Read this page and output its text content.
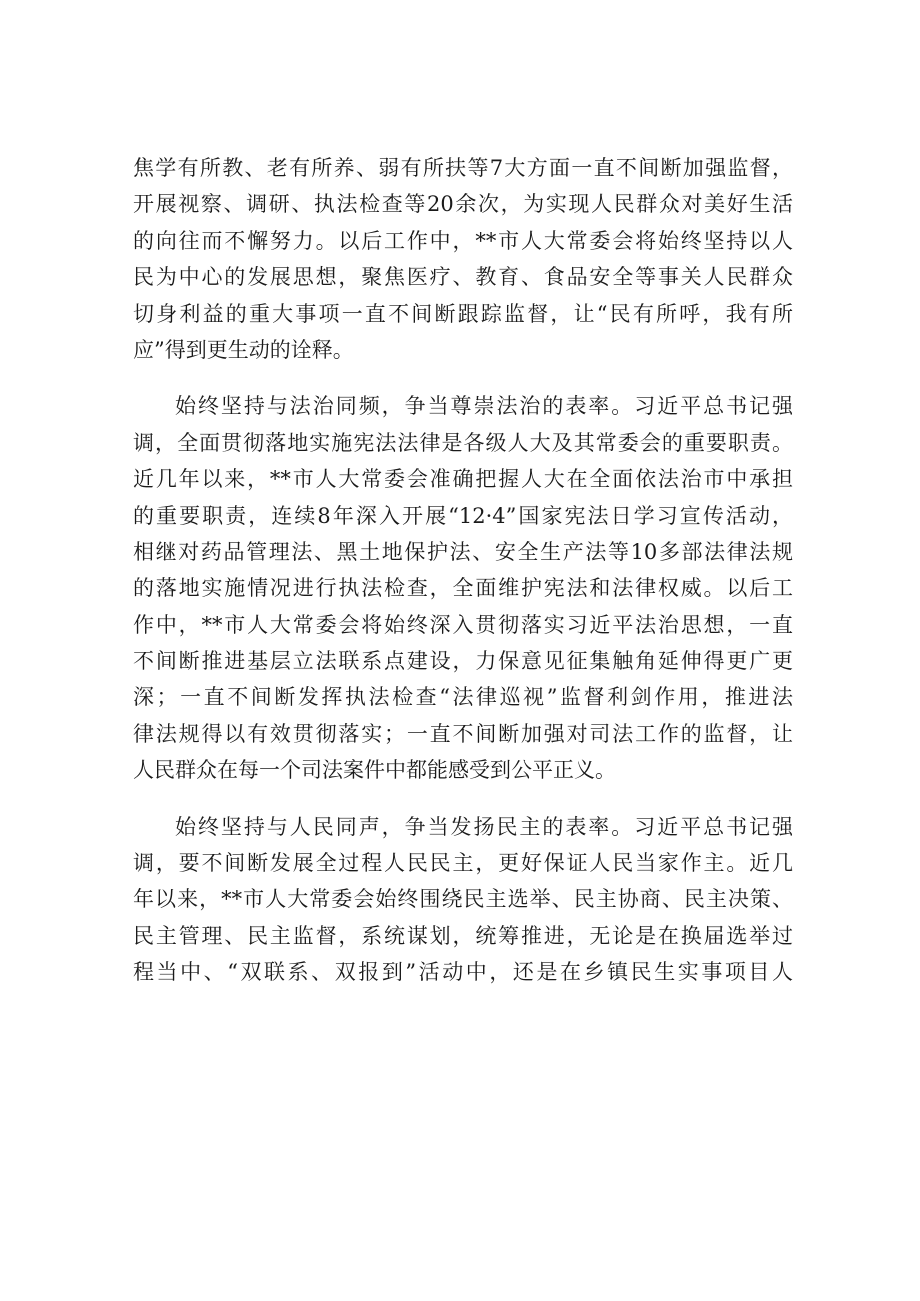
焦学有所教、老有所养、弱有所扶等7大方面一直不间断加强监督，
开展视察、调研、执法检查等20余次，为实现人民群众对美好生活
的向往而不懈努力。以后工作中，**市人大常委会将始终坚持以人
民为中心的发展思想，聚焦医疗、教育、食品安全等事关人民群众
切身利益的重大事项一直不间断跟踪监督，让“民有所呼，我有所
应”得到更生动的诠释。
始终坚持与法治同频，争当尊崇法治的表率。习近平总书记强
调，全面贯彻落地实施宪法法律是各级人大及其常委会的重要职责。
近几年以来，**市人大常委会准确把握人大在全面依法治市中承担
的重要职责，连续8年深入开展“12·4”国家宪法日学习宣传活动，
相继对药品管理法、黑土地保护法、安全生产法等10多部法律法规
的落地实施情况进行执法检查，全面维护宪法和法律权威。以后工
作中，**市人大常委会将始终深入贯彻落实习近平法治思想，一直
不间断推进基层立法联系点建设，力保意见征集触角延伸得更广更
深；一直不间断发挥执法检查“法律巡视”监督利剑作用，推进法
律法规得以有效贯彻落实；一直不间断加强对司法工作的监督，让
人民群众在每一个司法案件中都能感受到公平正义。
始终坚持与人民同声，争当发扬民主的表率。习近平总书记强
调，要不间断发展全过程人民民主，更好保证人民当家作主。近几
年以来，**市人大常委会始终围绕民主选举、民主协商、民主决策、
民主管理、民主监督，系统谋划，统筹推进，无论是在换届选举过
程当中、“双联系、双报到”活动中，还是在乡镇民生实事项目人
